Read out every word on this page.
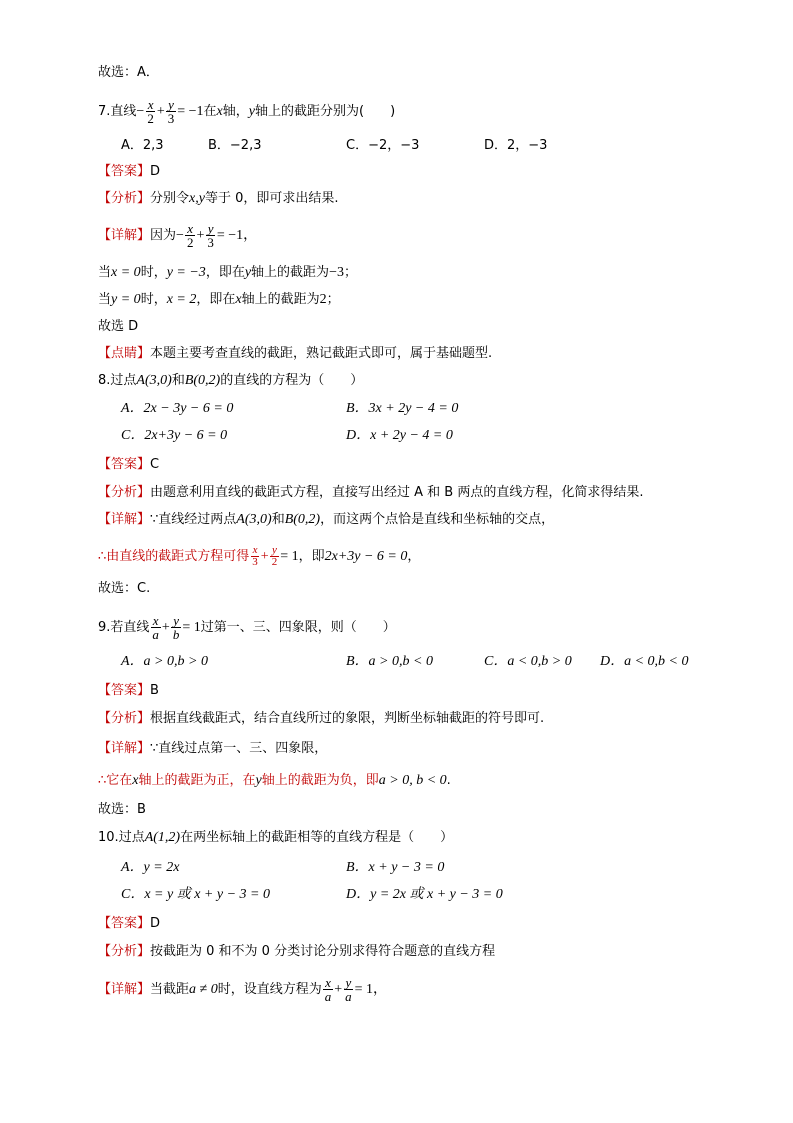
故选：A．
7.直线− $\frac{x}{2} + \frac{y}{3} = -1$在x轴，y轴上的截距分别为(　　)
A．2,3	B．−2,3	C．−2，−3	D．2，−3
【答案】D
【分析】分别令x,y等于 0，即可求出结果.
【详解】因为− $\frac{x}{2} + \frac{y}{3} = -1$，
当x = 0时，y = −3，即在y轴上的截距为−3；
当y = 0时，x = 2，即在x轴上的截距为2；
故选 D
【点睛】本题主要考查直线的截距，熟记截距式即可，属于基础题型.
8.过点A(3,0)和B(0,2)的直线的方程为（　　）
A．2x − 3y − 6 = 0	B．3x + 2y − 4 = 0
C．2x+3y − 6 = 0	D．x + 2y − 4 = 0
【答案】C
【分析】由题意利用直线的截距式方程，直接写出经过 A 和 B 两点的直线方程，化简求得结果.
【详解】∵直线经过两点A(3,0)和B(0,2)，而这两个点恰是直线和坐标轴的交点，
∴由直线的截距式方程可得 $\frac{x}{3} + \frac{y}{2} = 1$，即2x+3y − 6 = 0，
故选：C.
9.若直线 $\frac{x}{a} + \frac{y}{b} = 1$过第一、三、四象限，则（　　）
A．a > 0,b > 0	B．a > 0,b < 0	C．a < 0,b > 0 D．a < 0,b < 0
【答案】B
【分析】根据直线截距式，结合直线所过的象限，判断坐标轴截距的符号即可.
【详解】∵直线过点第一、三、四象限，
∴它在x轴上的截距为正，在y轴上的截距为负，即a > 0, b < 0.
故选：B
10.过点A(1,2)在两坐标轴上的截距相等的直线方程是（　　）
A．y = 2x	B．x + y − 3 = 0
C．x = y 或 x + y − 3 = 0	D．y = 2x 或 x + y − 3 = 0
【答案】D
【分析】按截距为 0 和不为 0 分类讨论分别求得符合题意的直线方程
【详解】当截距a ≠ 0时，设直线方程为 $\frac{x}{a} + \frac{y}{a} = 1$，
